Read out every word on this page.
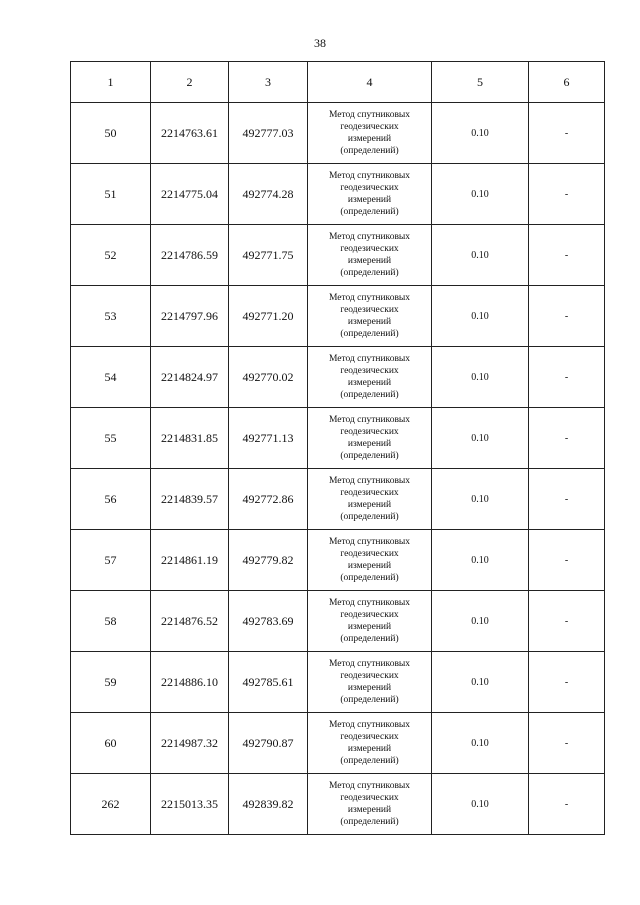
38
1	2	3	4	5	6
50	2214763.61	492777.03	Метод спутниковых
геодезических
измерений
(определений)	0.10	-
51	2214775.04	492774.28	Метод спутниковых
геодезических
измерений
(определений)	0.10	-
52	2214786.59	492771.75	Метод спутниковых
геодезических
измерений
(определений)	0.10	-
53	2214797.96	492771.20	Метод спутниковых
геодезических
измерений
(определений)	0.10	-
54	2214824.97	492770.02	Метод спутниковых
геодезических
измерений
(определений)	0.10	-
55	2214831.85	492771.13	Метод спутниковых
геодезических
измерений
(определений)	0.10	-
56	2214839.57	492772.86	Метод спутниковых
геодезических
измерений
(определений)	0.10	-
57	2214861.19	492779.82	Метод спутниковых
геодезических
измерений
(определений)	0.10	-
58	2214876.52	492783.69	Метод спутниковых
геодезических
измерений
(определений)	0.10	-
59	2214886.10	492785.61	Метод спутниковых
геодезических
измерений
(определений)	0.10	-
60	2214987.32	492790.87	Метод спутниковых
геодезических
измерений
(определений)	0.10	-
262	2215013.35	492839.82	Метод спутниковых
геодезических
измерений
(определений)	0.10	-
